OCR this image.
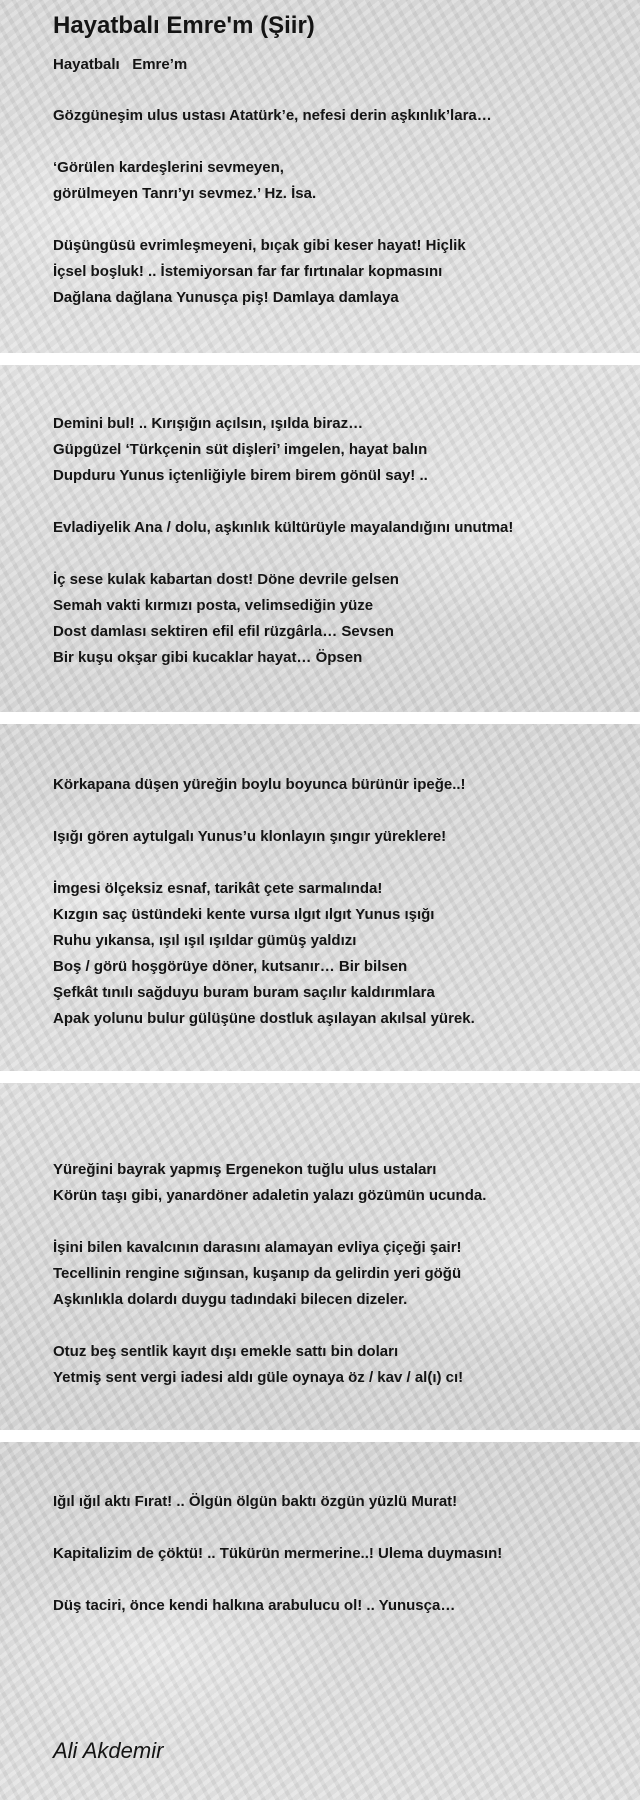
Hayatbalı Emre'm (Şiir)
Hayatbalı   Emre’m
Gözgüneşim ulus ustası Atatürk’e, nefesi derin aşkınlık’lara…
‘Görülen kardeşlerini sevmeyen,
görülmeyen Tanrı’yı sevmez.’ Hz. İsa.
Düşüngüsü evrimleşmeyeni, bıçak gibi keser hayat! Hiçlik
İçsel boşluk! .. İstemiyorsan far far fırtınalar kopmasını
Dağlana dağlana Yunusça piş! Damlaya damlaya
Demini bul! .. Kırışığın açılsın, ışılda biraz…
Güpgüzel ‘Türkçenin süt dişleri’ imgelen, hayat balın
Dupduru Yunus içtenliğiyle birem birem gönül say! ..
Evladiyelik Ana / dolu, aşkınlık kültürüyle mayalandığını unutma!
İç sese kulak kabartan dost! Döne devrile gelsen
Semah vakti kırmızı posta, velimsediğin yüze
Dost damlası sektiren efil efil rüzgârla… Sevsen
Bir kuşu okşar gibi kucaklar hayat… Öpsen
Körkapana düşen yüreğin boylu boyunca bürünür ipeğe..!
Işığı gören aytulgalı Yunus’u klonlayın şıngır yüreklere!
İmgesi ölçeksiz esnaf, tarikât çete sarmalında!
Kızgın saç üstündeki kente vursa ılgıt ılgıt Yunus ışığı
Ruhu yıkansa, ışıl ışıl ışıldar gümüş yaldızı
Boş / görü hoşgörüye döner, kutsanır… Bir bilsen
Şefkât tınılı sağduyu buram buram saçılır kaldırımlara
Apak yolunu bulur gülüşüne dostluk aşılayan akılsal yürek.
Yüreğini bayrak yapmış Ergenekon tuğlu ulus ustaları
Körün taşı gibi, yanardöner adaletin yalazı gözümün ucunda.
İşini bilen kavalcının darasını alamayan evliya çiçeği şair!
Tecellinin rengine sığınsan, kuşanıp da gelirdin yeri göğü
Aşkınlıkla dolardı duygu tadındaki bilecen dizeler.
Otuz beş sentlik kayıt dışı emekle sattı bin doları
Yetmiş sent vergi iadesi aldı güle oynaya öz / kav / al(ı) cı!
Iğıl ığıl aktı Fırat! .. Ölgün ölgün baktı özgün yüzlü Murat!
Kapitalizim de çöktü! .. Tükürün mermerine..! Ulema duymasın!
Düş taciri, önce kendi halkına arabulucu ol! .. Yunusça…
Ali Akdemir
